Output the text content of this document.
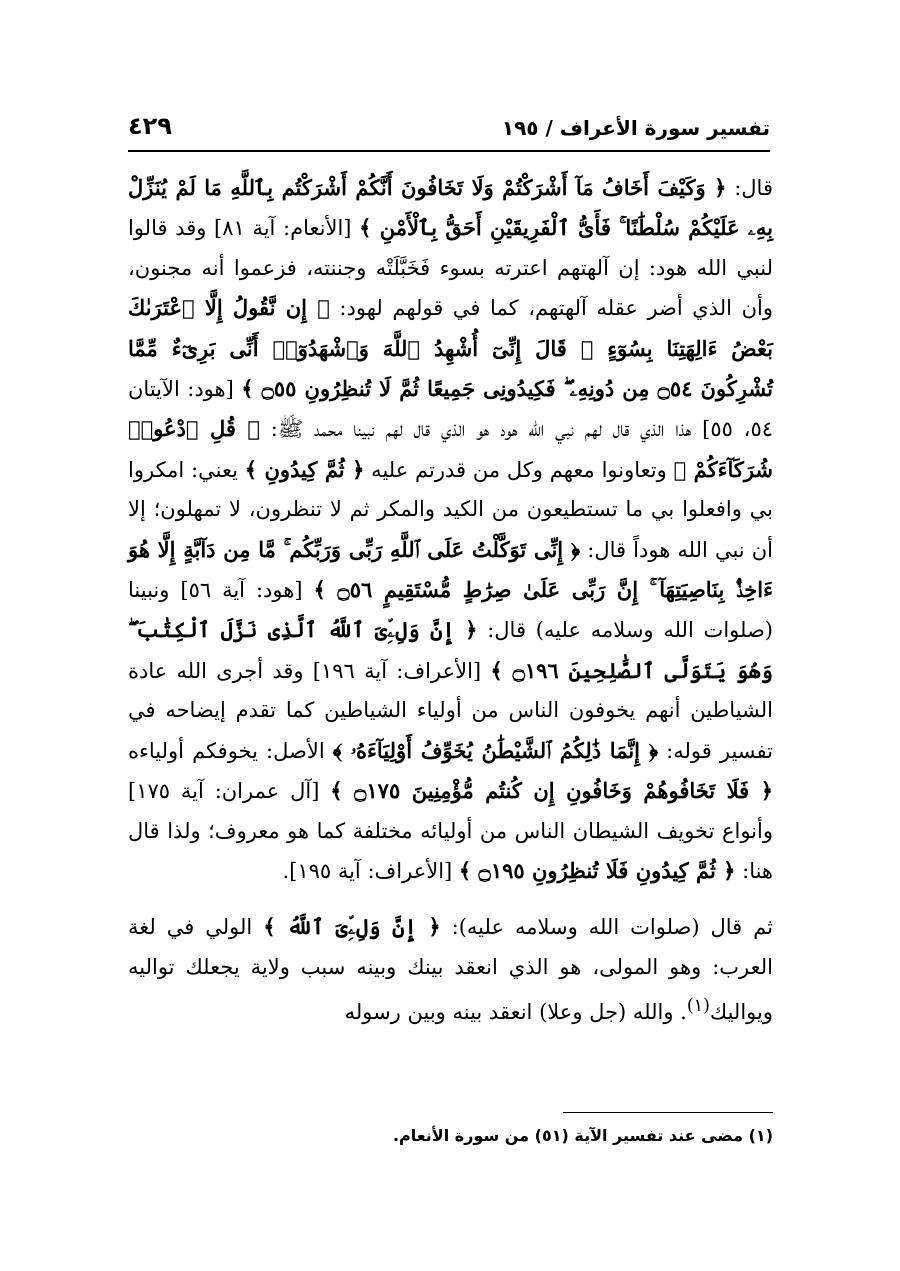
تفسير سورة الأعراف / ١٩٥
٤٢٩

قال: ﴿ وَكَيْفَ أَخَافُ مَآ أَشْرَكْتُمْ وَلَا تَخَافُونَ أَنَّكُمْ أَشْرَكْتُم بِٱللَّهِ مَا لَمْ يُنَزِّلْ بِهِۦ عَلَيْكُمْ سُلْطَٰنًا ۚ فَأَىُّ ٱلْفَرِيقَيْنِ أَحَقُّ بِٱلْأَمْنِ ﴾ [الأنعام: آية ٨١] وقد قالوا لنبي الله هود: إن آلهتهم اعترته بسوء فَخَبَّلَتْه وجننته، فزعموا أنه مجنون، وأن الذي أضر عقله آلهتهم، كما في قولهم لهود: ﴿ إِن نَّقُولُ إِلَّا ٱعْتَرَىٰكَ بَعْضُ ءَالِهَتِنَا بِسُوٓءٍ ۗ قَالَ إِنِّىٓ أُشْهِدُ ٱللَّهَ وَٱشْهَدُوٓا۟ أَنِّى بَرِىٓءٌ مِّمَّا تُشْرِكُونَ ۝٥٤ مِن دُونِهِۦ ۖ فَكِيدُونِى جَمِيعًا ثُمَّ لَا تُنظِرُونِ ۝٥٥ ﴾ [هود: الآيتان ٥٤، ٥٥] هذا الذي قال لهم نبي الله هود هو الذي قال لهم نبينا محمد ﷺ: ﴿ قُلِ ٱدْعُوا۟ شُرَكَآءَكُمْ ﴾ وتعاونوا معهم وكل من قدرتم عليه ﴿ ثُمَّ كِيدُونِ ﴾ يعني: امكروا بي وافعلوا بي ما تستطيعون من الكيد والمكر ثم لا تنظرون، لا تمهلون؛ إلا أن نبي الله هوداً قال: ﴿ إِنِّى تَوَكَّلْتُ عَلَى ٱللَّهِ رَبِّى وَرَبِّكُم ۚ مَّا مِن دَآبَّةٍ إِلَّا هُوَ ءَاخِذٌۢ بِنَاصِيَتِهَآ ۚ إِنَّ رَبِّى عَلَىٰ صِرَٰطٍ مُّسْتَقِيمٍ ۝٥٦ ﴾ [هود: آية ٥٦] ونبينا (صلوات الله وسلامه عليه) قال: ﴿ إِنَّ وَلِۦِّىَ ٱللَّهُ ٱلَّذِى نَزَّلَ ٱلْكِتَٰبَ ۖ وَهُوَ يَتَوَلَّى ٱلصَّٰلِحِينَ ۝١٩٦ ﴾ [الأعراف: آية ١٩٦] وقد أجرى الله عادة الشياطين أنهم يخوفون الناس من أولياء الشياطين كما تقدم إيضاحه في تفسير قوله: ﴿ إِنَّمَا ذَٰلِكُمُ ٱلشَّيْطَٰنُ يُخَوِّفُ أَوْلِيَآءَهُۥ ﴾ الأصل: يخوفكم أولياءه ﴿ فَلَا تَخَافُوهُمْ وَخَافُونِ إِن كُنتُم مُّؤْمِنِينَ ۝١٧٥ ﴾ [آل عمران: آية ١٧٥] وأنواع تخويف الشيطان الناس من أوليائه مختلفة كما هو معروف؛ ولذا قال هنا: ﴿ ثُمَّ كِيدُونِ فَلَا تُنظِرُونِ ۝١٩٥ ﴾ [الأعراف: آية ١٩٥].

ثم قال (صلوات الله وسلامه عليه): ﴿ إِنَّ وَلِۦِّىَ ٱللَّهُ ﴾ الولي في لغة العرب: وهو المولى، هو الذي انعقد بينك وبينه سبب ولاية يجعلك تواليه ويواليك$^{(١)}$. والله (جل وعلا) انعقد بينه وبين رسوله

(١) مضى عند تفسير الآية (٥١) من سورة الأنعام.
